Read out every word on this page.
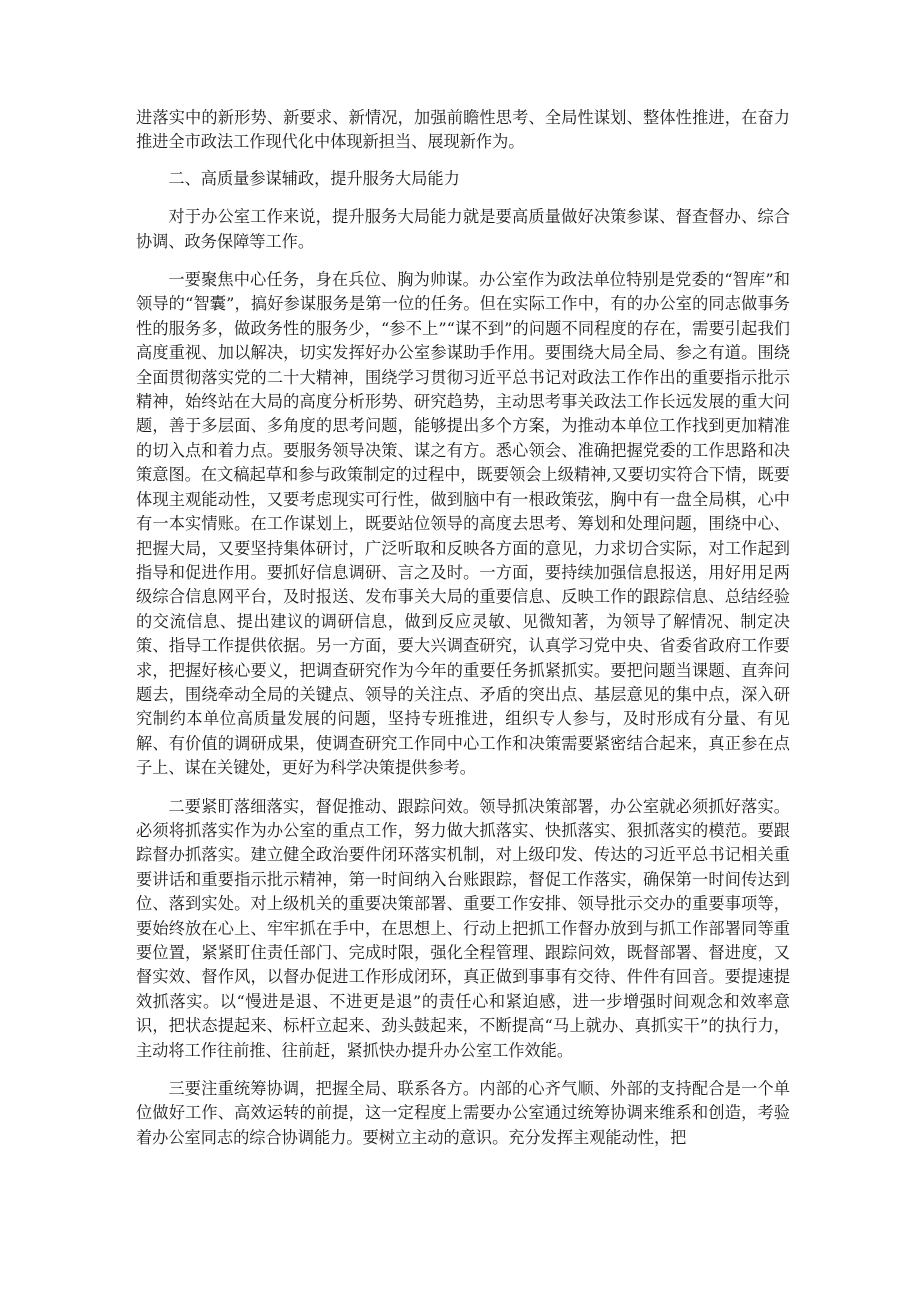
进落实中的新形势、新要求、新情况，加强前瞻性思考、全局性谋划、整体性推进，在奋力推进全市政法工作现代化中体现新担当、展现新作为。

二、高质量参谋辅政，提升服务大局能力

对于办公室工作来说，提升服务大局能力就是要高质量做好决策参谋、督查督办、综合协调、政务保障等工作。

一要聚焦中心任务，身在兵位、胸为帅谋。办公室作为政法单位特别是党委的“智库”和领导的“智囊”，搞好参谋服务是第一位的任务。但在实际工作中，有的办公室的同志做事务性的服务多，做政务性的服务少，“参不上”“谋不到”的问题不同程度的存在，需要引起我们高度重视、加以解决，切实发挥好办公室参谋助手作用。要围绕大局全局、参之有道。围绕全面贯彻落实党的二十大精神，围绕学习贯彻习近平总书记对政法工作作出的重要指示批示精神，始终站在大局的高度分析形势、研究趋势，主动思考事关政法工作长远发展的重大问题，善于多层面、多角度的思考问题，能够提出多个方案，为推动本单位工作找到更加精准的切入点和着力点。要服务领导决策、谋之有方。悉心领会、准确把握党委的工作思路和决策意图。在文稿起草和参与政策制定的过程中，既要领会上级精神,又要切实符合下情，既要体现主观能动性，又要考虑现实可行性，做到脑中有一根政策弦，胸中有一盘全局棋，心中有一本实情账。在工作谋划上，既要站位领导的高度去思考、筹划和处理问题，围绕中心、把握大局，又要坚持集体研讨，广泛听取和反映各方面的意见，力求切合实际，对工作起到指导和促进作用。要抓好信息调研、言之及时。一方面，要持续加强信息报送，用好用足两级综合信息网平台，及时报送、发布事关大局的重要信息、反映工作的跟踪信息、总结经验的交流信息、提出建议的调研信息，做到反应灵敏、见微知著，为领导了解情况、制定决策、指导工作提供依据。另一方面，要大兴调查研究，认真学习党中央、省委省政府工作要求，把握好核心要义，把调查研究作为今年的重要任务抓紧抓实。要把问题当课题、直奔问题去，围绕牵动全局的关键点、领导的关注点、矛盾的突出点、基层意见的集中点，深入研究制约本单位高质量发展的问题，坚持专班推进，组织专人参与，及时形成有分量、有见解、有价值的调研成果，使调查研究工作同中心工作和决策需要紧密结合起来，真正参在点子上、谋在关键处，更好为科学决策提供参考。

二要紧盯落细落实，督促推动、跟踪问效。领导抓决策部署，办公室就必须抓好落实。必须将抓落实作为办公室的重点工作，努力做大抓落实、快抓落实、狠抓落实的模范。要跟踪督办抓落实。建立健全政治要件闭环落实机制，对上级印发、传达的习近平总书记相关重要讲话和重要指示批示精神，第一时间纳入台账跟踪，督促工作落实，确保第一时间传达到位、落到实处。对上级机关的重要决策部署、重要工作安排、领导批示交办的重要事项等，要始终放在心上、牢牢抓在手中，在思想上、行动上把抓工作督办放到与抓工作部署同等重要位置，紧紧盯住责任部门、完成时限，强化全程管理、跟踪问效，既督部署、督进度，又督实效、督作风，以督办促进工作形成闭环，真正做到事事有交待、件件有回音。要提速提效抓落实。以“慢进是退、不进更是退”的责任心和紧迫感，进一步增强时间观念和效率意识，把状态提起来、标杆立起来、劲头鼓起来，不断提高“马上就办、真抓实干”的执行力，主动将工作往前推、往前赶，紧抓快办提升办公室工作效能。

三要注重统筹协调，把握全局、联系各方。内部的心齐气顺、外部的支持配合是一个单位做好工作、高效运转的前提，这一定程度上需要办公室通过统筹协调来维系和创造，考验着办公室同志的综合协调能力。要树立主动的意识。充分发挥主观能动性，把
